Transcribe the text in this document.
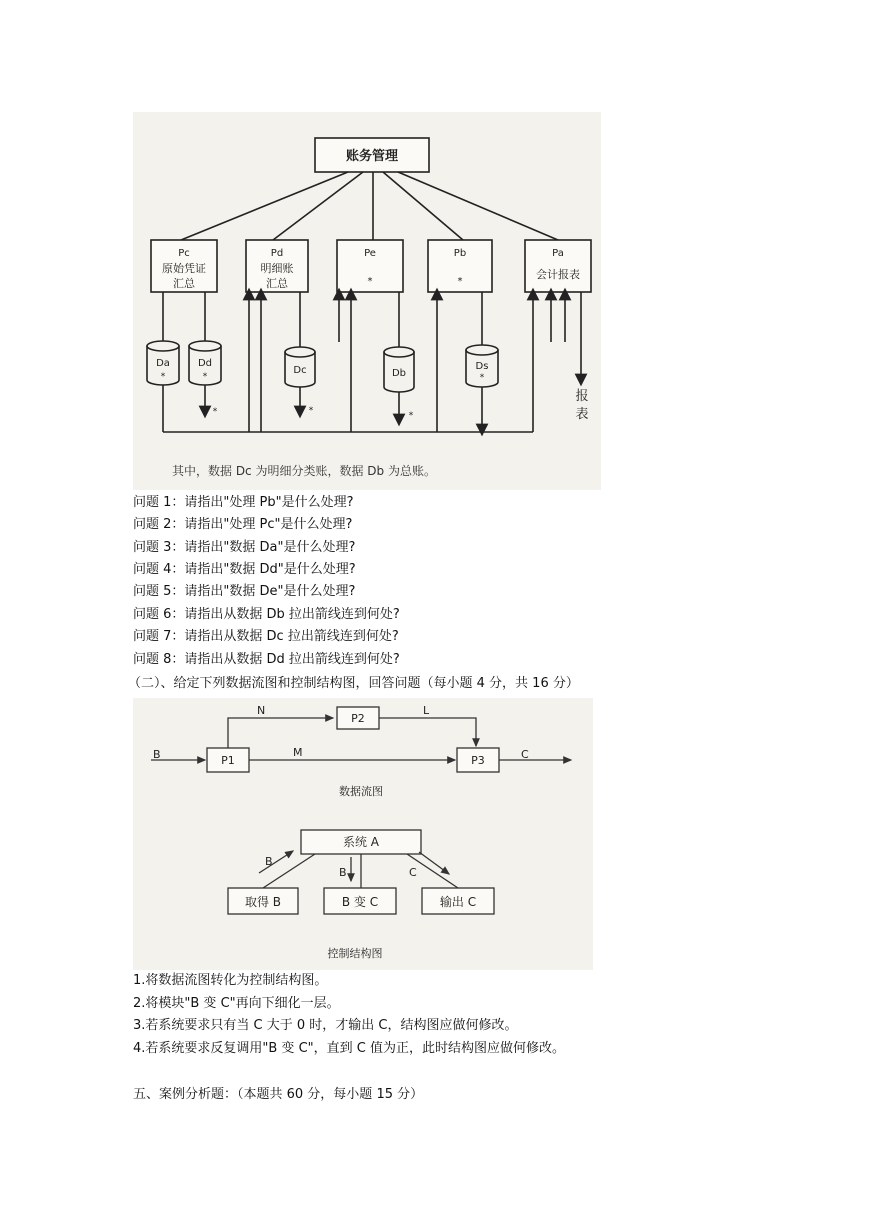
账务管理
Pc
原始凭证
汇总
Pd
明细账
汇总
Pe
*
Pb
*
Pa
会计报表
Da
*
Dd
*
Dc
*
Db
*
Ds
*
*
报
表
其中，数据 Dc 为明细分类账，数据 Db 为总账。
问题 1：请指出"处理 Pb"是什么处理?
问题 2：请指出"处理 Pc"是什么处理?
问题 3：请指出"数据 Da"是什么处理?
问题 4：请指出"数据 Dd"是什么处理?
问题 5：请指出"数据 De"是什么处理?
问题 6：请指出从数据 Db 拉出箭线连到何处?
问题 7：请指出从数据 Dc 拉出箭线连到何处?
问题 8：请指出从数据 Dd 拉出箭线连到何处?
（二）、给定下列数据流图和控制结构图，回答问题（每小题 4 分，共 16 分）
B	P1
N
P2
L
M
P3	C
数据流图
系统 A
取得 B	B 变 C	输出 C
B
B	C
控制结构图
1.将数据流图转化为控制结构图。
2.将模块"B 变 C"再向下细化一层。
3.若系统要求只有当 C 大于 0 时，才输出 C，结构图应做何修改。
4.若系统要求反复调用"B 变 C"，直到 C 值为正，此时结构图应做何修改。
五、案例分析题：（本题共 60 分，每小题 15 分）
